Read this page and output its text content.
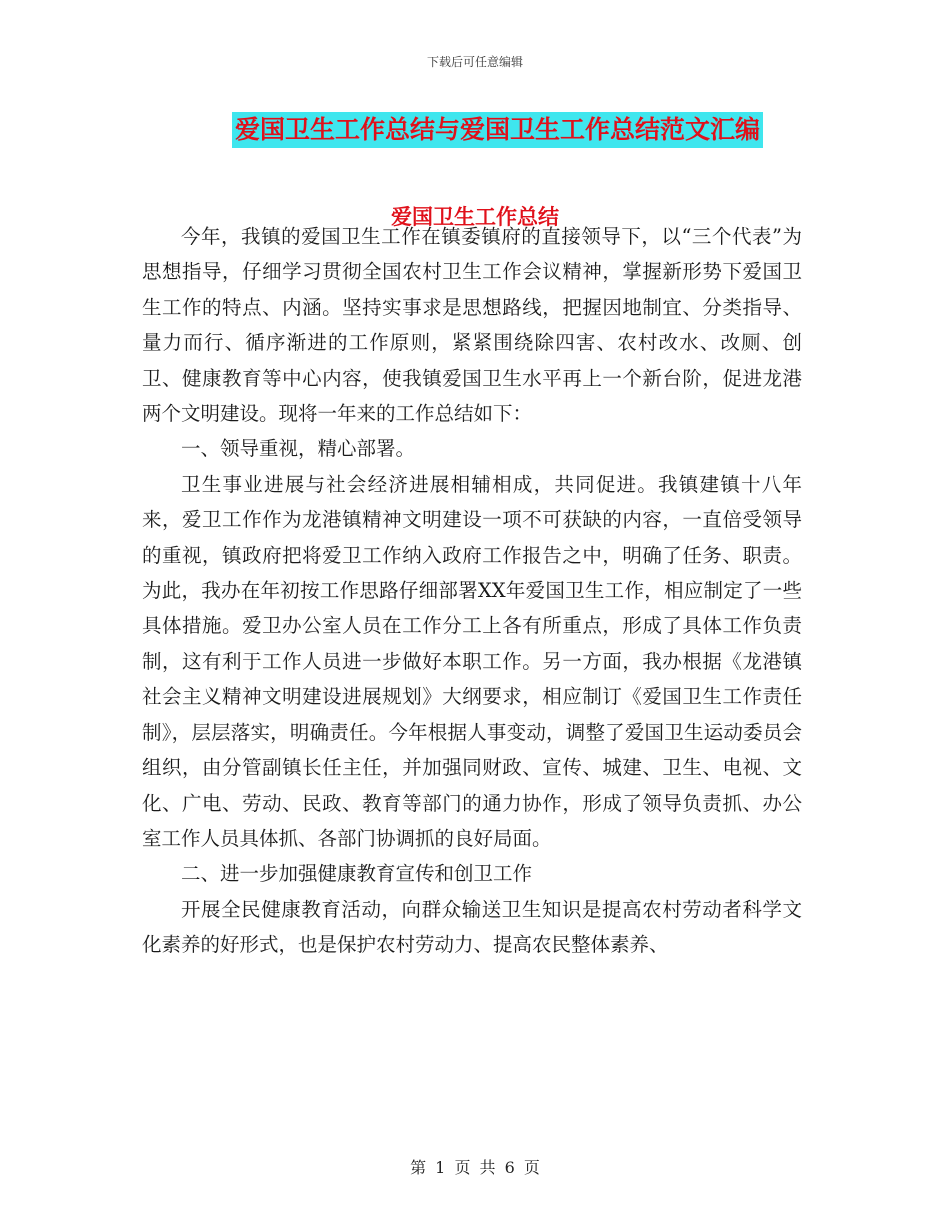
下载后可任意编辑
爱国卫生工作总结与爱国卫生工作总结范文汇编
爱国卫生工作总结

今年，我镇的爱国卫生工作在镇委镇府的直接领导下，以“三个代表”为思想指导，仔细学习贯彻全国农村卫生工作会议精神，掌握新形势下爱国卫生工作的特点、内涵。坚持实事求是思想路线，把握因地制宜、分类指导、量力而行、循序渐进的工作原则，紧紧围绕除四害、农村改水、改厕、创卫、健康教育等中心内容，使我镇爱国卫生水平再上一个新台阶，促进龙港两个文明建设。现将一年来的工作总结如下：

一、领导重视，精心部署。

卫生事业进展与社会经济进展相辅相成，共同促进。我镇建镇十八年来，爱卫工作作为龙港镇精神文明建设一项不可获缺的内容，一直倍受领导的重视，镇政府把将爱卫工作纳入政府工作报告之中，明确了任务、职责。为此，我办在年初按工作思路仔细部署XX年爱国卫生工作，相应制定了一些具体措施。爱卫办公室人员在工作分工上各有所重点，形成了具体工作负责制，这有利于工作人员进一步做好本职工作。另一方面，我办根据《龙港镇社会主义精神文明建设进展规划》大纲要求，相应制订《爱国卫生工作责任制》，层层落实，明确责任。今年根据人事变动，调整了爱国卫生运动委员会组织，由分管副镇长任主任，并加强同财政、宣传、城建、卫生、电视、文化、广电、劳动、民政、教育等部门的通力协作，形成了领导负责抓、办公室工作人员具体抓、各部门协调抓的良好局面。

二、进一步加强健康教育宣传和创卫工作

开展全民健康教育活动，向群众输送卫生知识是提高农村劳动者科学文化素养的好形式，也是保护农村劳动力、提高农民整体素养、

第 1 页 共 6 页
